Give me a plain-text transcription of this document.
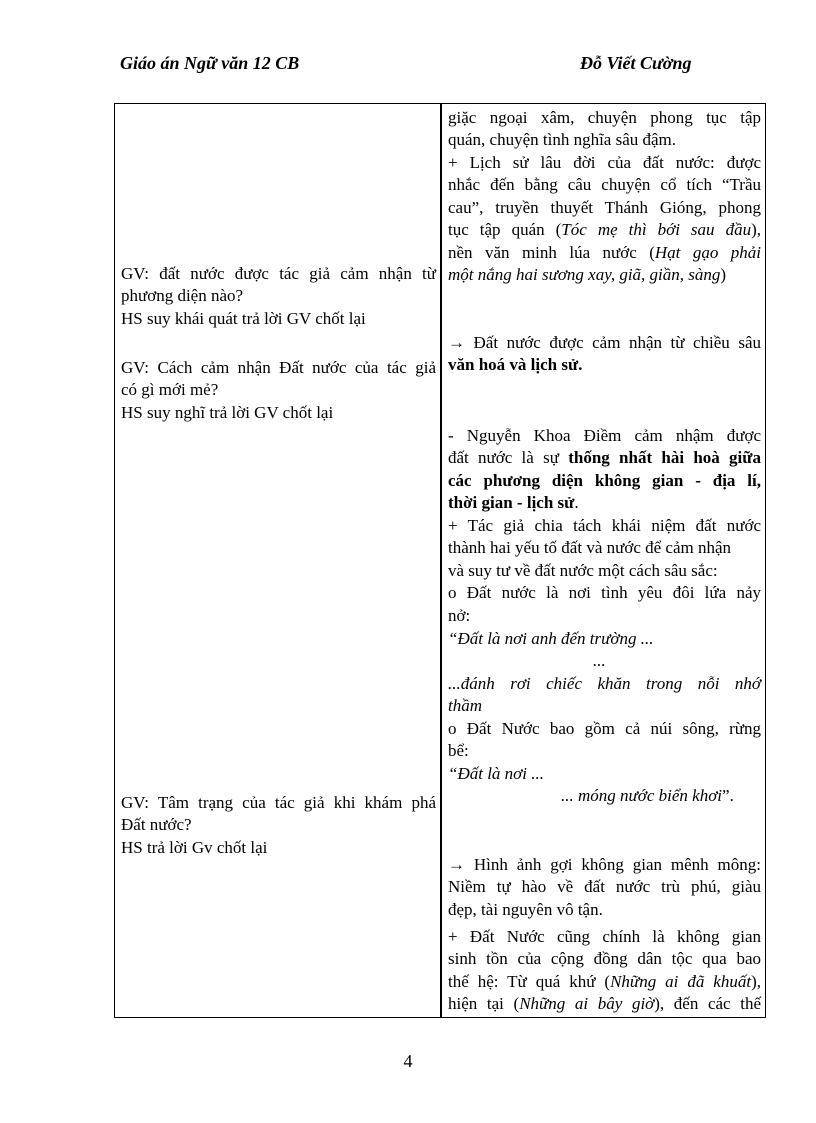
Giáo án Ngữ văn 12 CB	Đỗ Viết Cường
GV: đất nước được tác giả cảm nhận từ
phương diện nào?
HS suy khái quát trả lời GV chốt lại
GV: Cách cảm nhận Đất nước của tác giả
có gì mới mẻ?
HS suy nghĩ trả lời GV chốt lại
GV: Tâm trạng của tác giả khi khám phá
Đất nước?
HS trả lời Gv chốt lại
giặc ngoại xâm, chuyện phong tục tập
quán, chuyện tình nghĩa sâu đậm.
+ Lịch sử lâu đời của đất nước: được
nhắc đến bằng câu chuyện cổ tích “Trầu
cau”, truyền thuyết Thánh Gióng, phong
tục tập quán (Tóc mẹ thì bới sau đầu),
nền văn minh lúa nước (Hạt gạo phải
một nắng hai sương xay, giã, giần, sàng)
→ Đất nước được cảm nhận từ chiều sâu
văn hoá và lịch sử.
- Nguyễn Khoa Điềm cảm nhậm được
đất nước là sự thống nhất hài hoà giữa
các phương diện không gian - địa lí,
thời gian - lịch sử.
+ Tác giả chia tách khái niệm đất nước
thành hai yếu tố đất và nước để cảm nhận
và suy tư về đất nước một cách sâu sắc:
o Đất nước là nơi tình yêu đôi lứa nảy
nở:
“Đất là nơi anh đến trường ...
...
...đánh rơi chiếc khăn trong nỗi nhớ
thầm
o Đất Nước bao gồm cả núi sông, rừng
bể:
“Đất là nơi ...
... móng nước biển khơi”.
→ Hình ảnh gợi không gian mênh mông:
Niềm tự hào về đất nước trù phú, giàu
đẹp, tài nguyên vô tận.
+ Đất Nước cũng chính là không gian
sinh tồn của cộng đồng dân tộc qua bao
thế hệ: Từ quá khứ (Những ai đã khuất),
hiện tại (Những ai bây giờ), đến các thế
4
